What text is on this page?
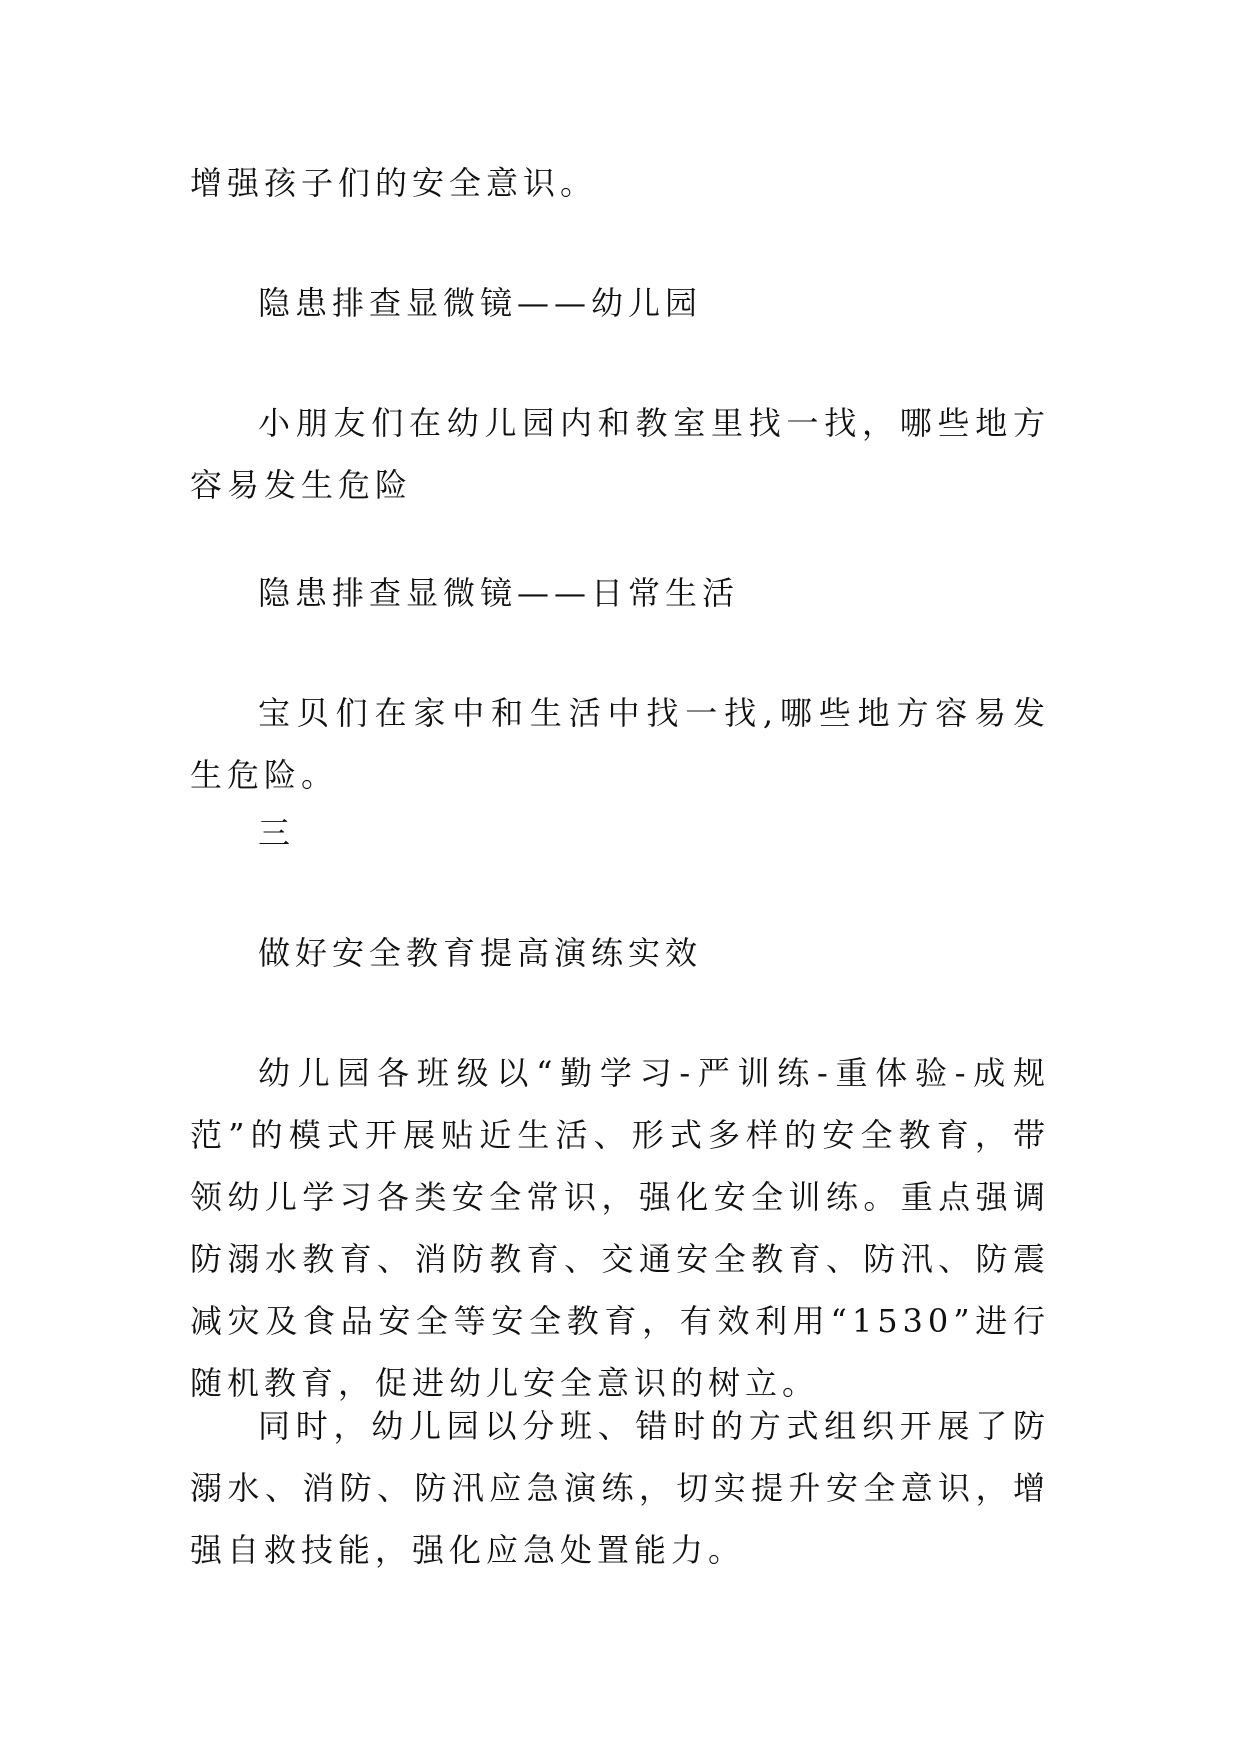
增强孩子们的安全意识。

隐患排查显微镜——幼儿园

小朋友们在幼儿园内和教室里找一找，哪些地方容易发生危险

隐患排查显微镜——日常生活

宝贝们在家中和生活中找一找,哪些地方容易发生危险。

三

做好安全教育提高演练实效

幼儿园各班级以“勤学习-严训练-重体验-成规范”的模式开展贴近生活、形式多样的安全教育，带领幼儿学习各类安全常识，强化安全训练。重点强调防溺水教育、消防教育、交通安全教育、防汛、防震减灾及食品安全等安全教育，有效利用“1530”进行随机教育，促进幼儿安全意识的树立。

同时，幼儿园以分班、错时的方式组织开展了防溺水、消防、防汛应急演练，切实提升安全意识，增强自救技能，强化应急处置能力。
